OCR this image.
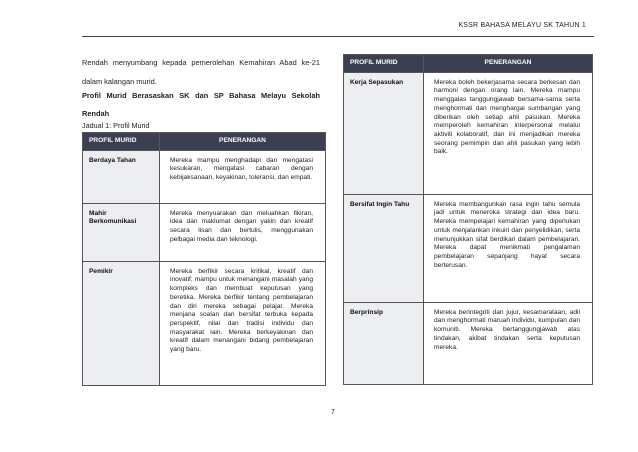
KSSR BAHASA MELAYU SK TAHUN 1
Rendah menyumbang kepada pemerolehan Kemahiran Abad ke-21 dalam kalangan murid.
Profil Murid Berasaskan SK dan SP Bahasa Melayu Sekolah Rendah
Jadual 1: Profil Murid
PROFIL MURID	PENERANGAN
Berdaya Tahan	Mereka mampu menghadapi dan mengatasi kesukaran, mengatasi cabaran dengan kebijaksanaan, keyakinan, toleransi, dan empati.
Mahir Berkomunikasi	Mereka menyuarakan dan meluahkan fikiran, idea dan maklumat dengan yakin dan kreatif secara lisan dan bertulis, menggunakan pelbagai media dan teknologi.
Pemikir	Mereka berfikir secara kritikal, kreatif dan inovatif; mampu untuk menangani masalah yang kompleks dan membuat keputusan yang beretika. Mereka berfikir tentang pembelajaran dan diri mereka sebagai pelajar. Mereka menjana soalan dan bersifat terbuka kepada perspektif, nilai dan tradisi individu dan masyarakat lain. Mereka berkeyakinan dan kreatif dalam menangani bidang pembelajaran yang baru.
PROFIL MURID	PENERANGAN
Kerja Sepasukan	Mereka boleh bekerjasama secara berkesan dan harmoni dengan orang lain. Mereka mampu menggalas tanggungjawab bersama-sama serta menghormati dan menghargai sumbangan yang diberikan oleh setiap ahli pasukan. Mereka memperoleh kemahiran interpersonal melalui aktiviti kolaboratif, dan ini menjadikan mereka seorang pemimpin dan ahli pasukan yang lebih baik.
Bersifat Ingin Tahu	Mereka membangunkan rasa ingin tahu semula jadi untuk meneroka strategi dan idea baru. Mereka mempelajari kemahiran yang diperlukan untuk menjalankan inkuiri dan penyelidikan, serta menunjukkan sifat berdikari dalam pembelajaran. Mereka dapat menikmati pengalaman pembelajaran sepanjang hayat secara berterusan.
Berprinsip	Mereka berintegriti dan jujur, kesamarataan, adil dan menghormati maruah individu, kumpulan dan komuniti. Mereka bertanggungjawab atas tindakan, akibat tindakan serta keputusan mereka.
7
